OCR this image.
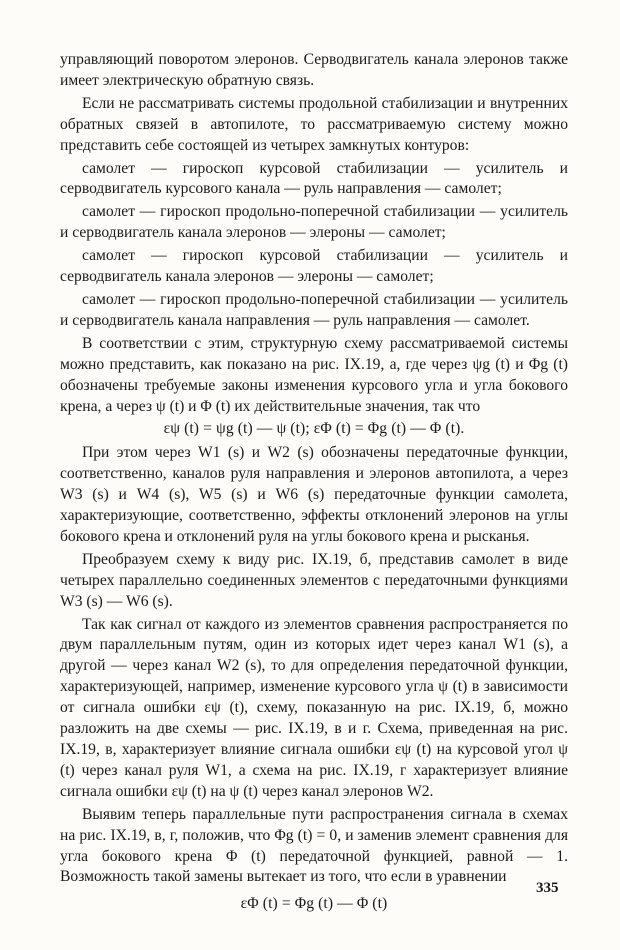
управляющий поворотом элеронов. Серводвигатель канала элеронов также имеет электрическую обратную связь.

Если не рассматривать системы продольной стабилизации и внутренних обратных связей в автопилоте, то рассматриваемую систему можно представить себе состоящей из четырех замкнутых контуров:

самолет — гироскоп курсовой стабилизации — усилитель и серводвигатель курсового канала — руль направления — самолет;

самолет — гироскоп продольно-поперечной стабилизации — усилитель и серводвигатель канала элеронов — элероны — самолет;

самолет — гироскоп курсовой стабилизации — усилитель и серводвигатель канала элеронов — элероны — самолет;

самолет — гироскоп продольно-поперечной стабилизации — усилитель и серводвигатель канала направления — руль направления — самолет.

В соответствии с этим, структурную схему рассматриваемой системы можно представить, как показано на рис. IX.19, а, где через ψg (t) и Φg (t) обозначены требуемые законы изменения курсового угла и угла бокового крена, а через ψ (t) и Φ (t) их действительные значения, так что

εψ (t) = ψg (t) — ψ (t); εΦ (t) = Φg (t) — Φ (t).

При этом через W1 (s) и W2 (s) обозначены передаточные функции, соответственно, каналов руля направления и элеронов автопилота, а через W3 (s) и W4 (s), W5 (s) и W6 (s) передаточные функции самолета, характеризующие, соответственно, эффекты отклонений элеронов на углы бокового крена и отклонений руля на углы бокового крена и рысканья.

Преобразуем схему к виду рис. IX.19, б, представив самолет в виде четырех параллельно соединенных элементов с передаточными функциями W3 (s) — W6 (s).

Так как сигнал от каждого из элементов сравнения распространяется по двум параллельным путям, один из которых идет через канал W1 (s), а другой — через канал W2 (s), то для определения передаточной функции, характеризующей, например, изменение курсового угла ψ (t) в зависимости от сигнала ошибки εψ (t), схему, показанную на рис. IX.19, б, можно разложить на две схемы — рис. IX.19, в и г. Схема, приведенная на рис. IX.19, в, характеризует влияние сигнала ошибки εψ (t) на курсовой угол ψ (t) через канал руля W1, а схема на рис. IX.19, г характеризует влияние сигнала ошибки εψ (t) на ψ (t) через канал элеронов W2.

Выявим теперь параллельные пути распространения сигнала в схемах на рис. IX.19, в, г, положив, что Φg (t) = 0, и заменив элемент сравнения для угла бокового крена Φ (t) передаточной функцией, равной — 1. Возможность такой замены вытекает из того, что если в уравнении

εΦ (t) = Φg (t) — Φ (t)

335
